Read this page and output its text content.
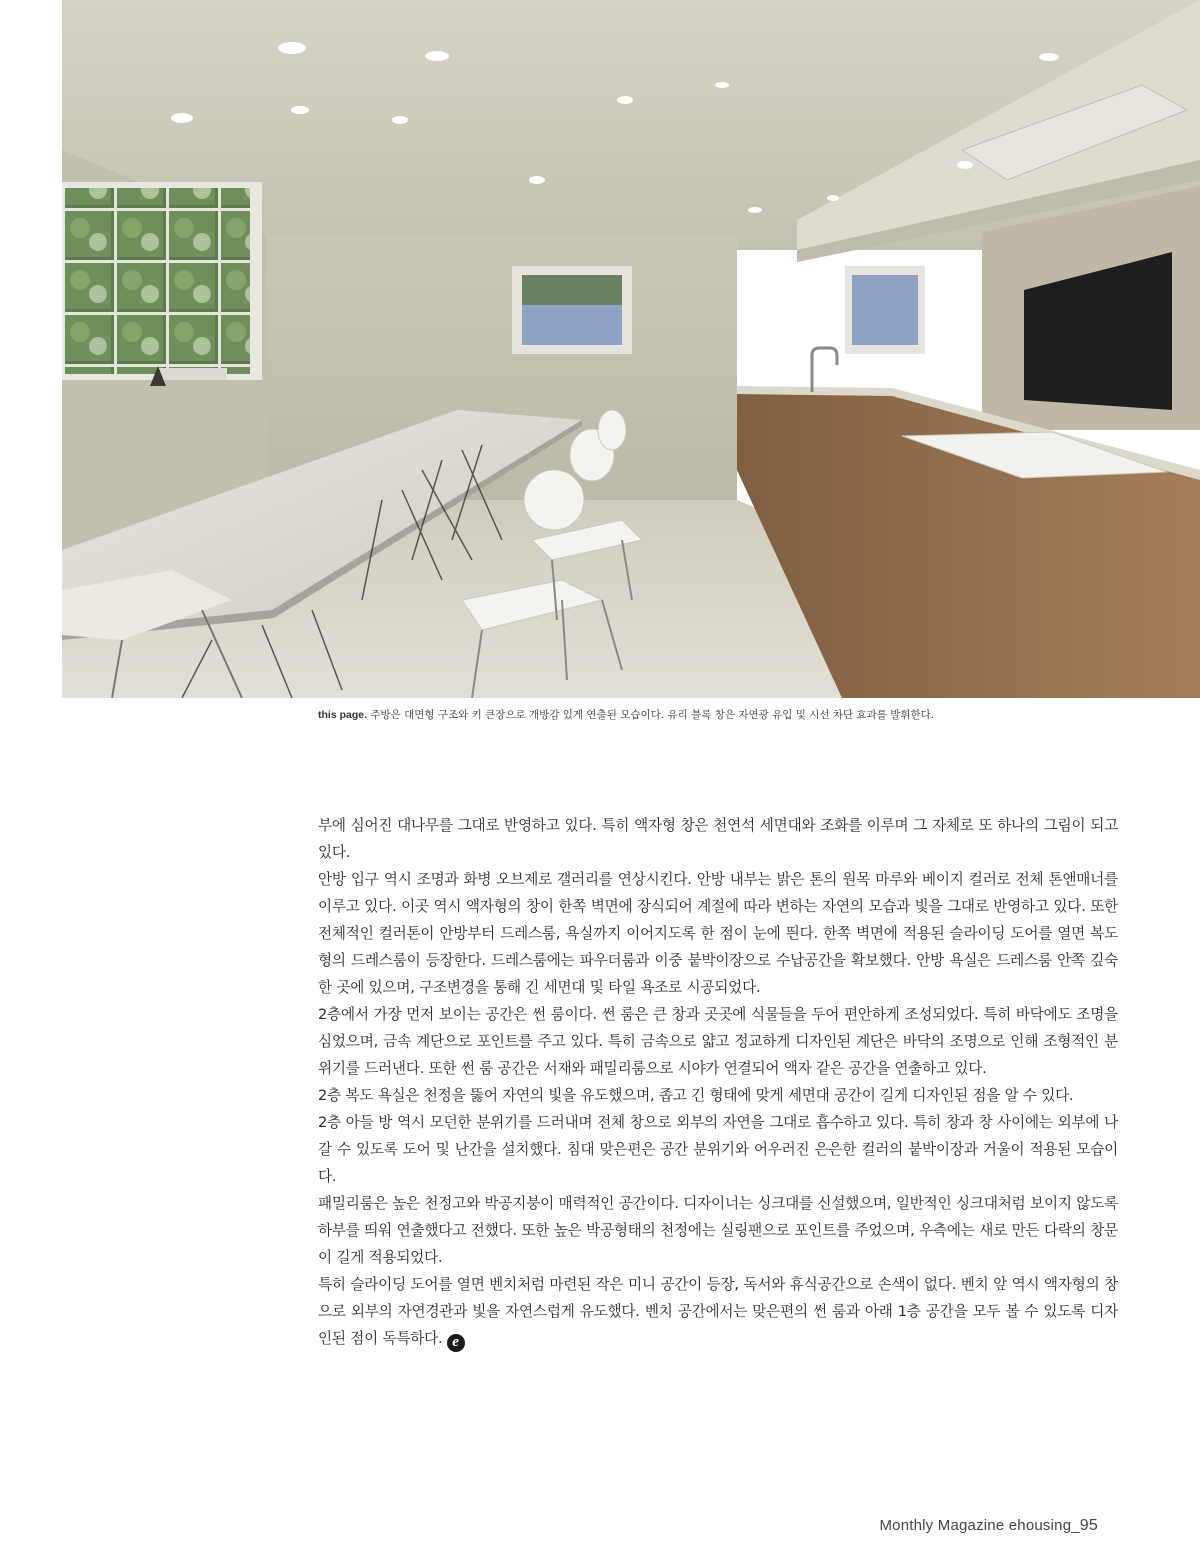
this page. 주방은 대면형 구조와 키 큰장으로 개방감 있게 연출된 모습이다. 유리 블록 창은 자연광 유입 및 시선 차단 효과를 발휘한다.

부에 심어진 대나무를 그대로 반영하고 있다. 특히 액자형 창은 천연석 세면대와 조화를 이루며 그 자체로 또 하나의 그림이 되고 있다.

안방 입구 역시 조명과 화병 오브제로 갤러리를 연상시킨다. 안방 내부는 밝은 톤의 원목 마루와 베이지 컬러로 전체 톤앤매너를 이루고 있다. 이곳 역시 액자형의 창이 한쪽 벽면에 장식되어 계절에 따라 변하는 자연의 모습과 빛을 그대로 반영하고 있다. 또한 전체적인 컬러톤이 안방부터 드레스룸, 욕실까지 이어지도록 한 점이 눈에 띈다. 한쪽 벽면에 적용된 슬라이딩 도어를 열면 복도형의 드레스룸이 등장한다. 드레스룸에는 파우더룸과 이중 붙박이장으로 수납공간을 확보했다. 안방 욕실은 드레스룸 안쪽 깊숙한 곳에 있으며, 구조변경을 통해 긴 세면대 및 타일 욕조로 시공되었다.

2층에서 가장 먼저 보이는 공간은 썬 룸이다. 썬 룸은 큰 창과 곳곳에 식물들을 두어 편안하게 조성되었다. 특히 바닥에도 조명을 심었으며, 금속 계단으로 포인트를 주고 있다. 특히 금속으로 얇고 정교하게 디자인된 계단은 바닥의 조명으로 인해 조형적인 분위기를 드러낸다. 또한 썬 룸 공간은 서재와 패밀리룸으로 시야가 연결되어 액자 같은 공간을 연출하고 있다.

2층 복도 욕실은 천정을 뚫어 자연의 빛을 유도했으며, 좁고 긴 형태에 맞게 세면대 공간이 길게 디자인된 점을 알 수 있다.

2층 아들 방 역시 모던한 분위기를 드러내며 전체 창으로 외부의 자연을 그대로 흡수하고 있다. 특히 창과 창 사이에는 외부에 나갈 수 있도록 도어 및 난간을 설치했다. 침대 맞은편은 공간 분위기와 어우러진 은은한 컬러의 붙박이장과 거울이 적용된 모습이다.

패밀리룸은 높은 천정고와 박공지붕이 매력적인 공간이다. 디자이너는 싱크대를 신설했으며, 일반적인 싱크대처럼 보이지 않도록 하부를 띄워 연출했다고 전했다. 또한 높은 박공형태의 천정에는 실링팬으로 포인트를 주었으며, 우측에는 새로 만든 다락의 창문이 길게 적용되었다.

특히 슬라이딩 도어를 열면 벤치처럼 마련된 작은 미니 공간이 등장, 독서와 휴식공간으로 손색이 없다. 벤치 앞 역시 액자형의 창으로 외부의 자연경관과 빛을 자연스럽게 유도했다. 벤치 공간에서는 맞은편의 썬 룸과 아래 1층 공간을 모두 볼 수 있도록 디자인된 점이 독특하다. e

Monthly Magazine ehousing_95
